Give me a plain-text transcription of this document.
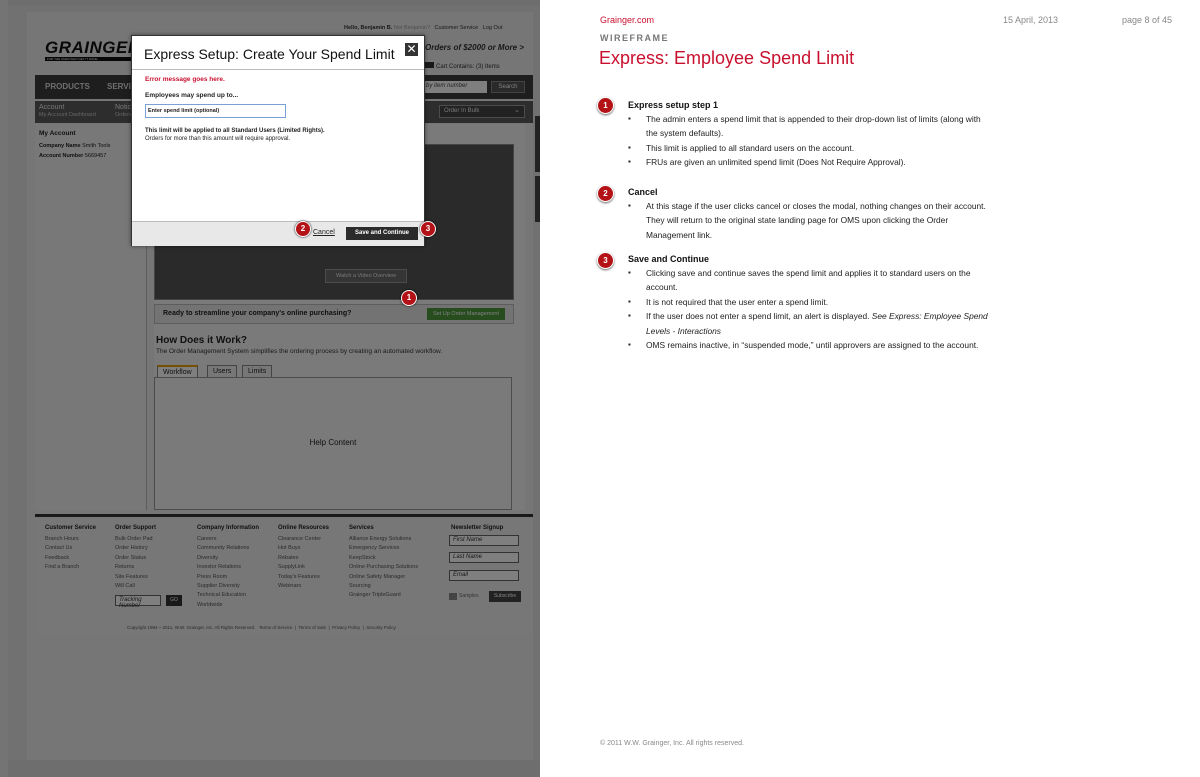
1
Express Setup: Create Your Spend Limit ✕
Error message goes here.
Employees may spend up to...
Enter spend limit (optional)
This limit will be applied to all Standard Users (Limited Rights).
Orders for more than this amount will require approval.
Cancel	Save and Continue
2	3
Grainger.com	15 April, 2013	page 8 of 45
WIREFRAME
Express: Employee Spend Limit
1	Express setup step 1
▪ The admin enters a spend limit that is appended to their drop-down list of limits (along with the system defaults).
▪ This limit is applied to all standard users on the account.
▪ FRUs are given an unlimited spend limit (Does Not Require Approval).
2	Cancel
▪ At this stage if the user clicks cancel or closes the modal, nothing changes on their account. They will return to the original state landing page for OMS upon clicking the Order Management link.
3	Save and Continue
▪ Clicking save and continue saves the spend limit and applies it to standard users on the account.
▪ It is not required that the user enter a spend limit.
▪ If the user does not enter a spend limit, an alert is displayed. See Express: Employee Spend Levels - Interactions
▪ OMS remains inactive, in “suspended mode,” until approvers are assigned to the account.
© 2011 W.W. Grainger, Inc. All rights reserved.
